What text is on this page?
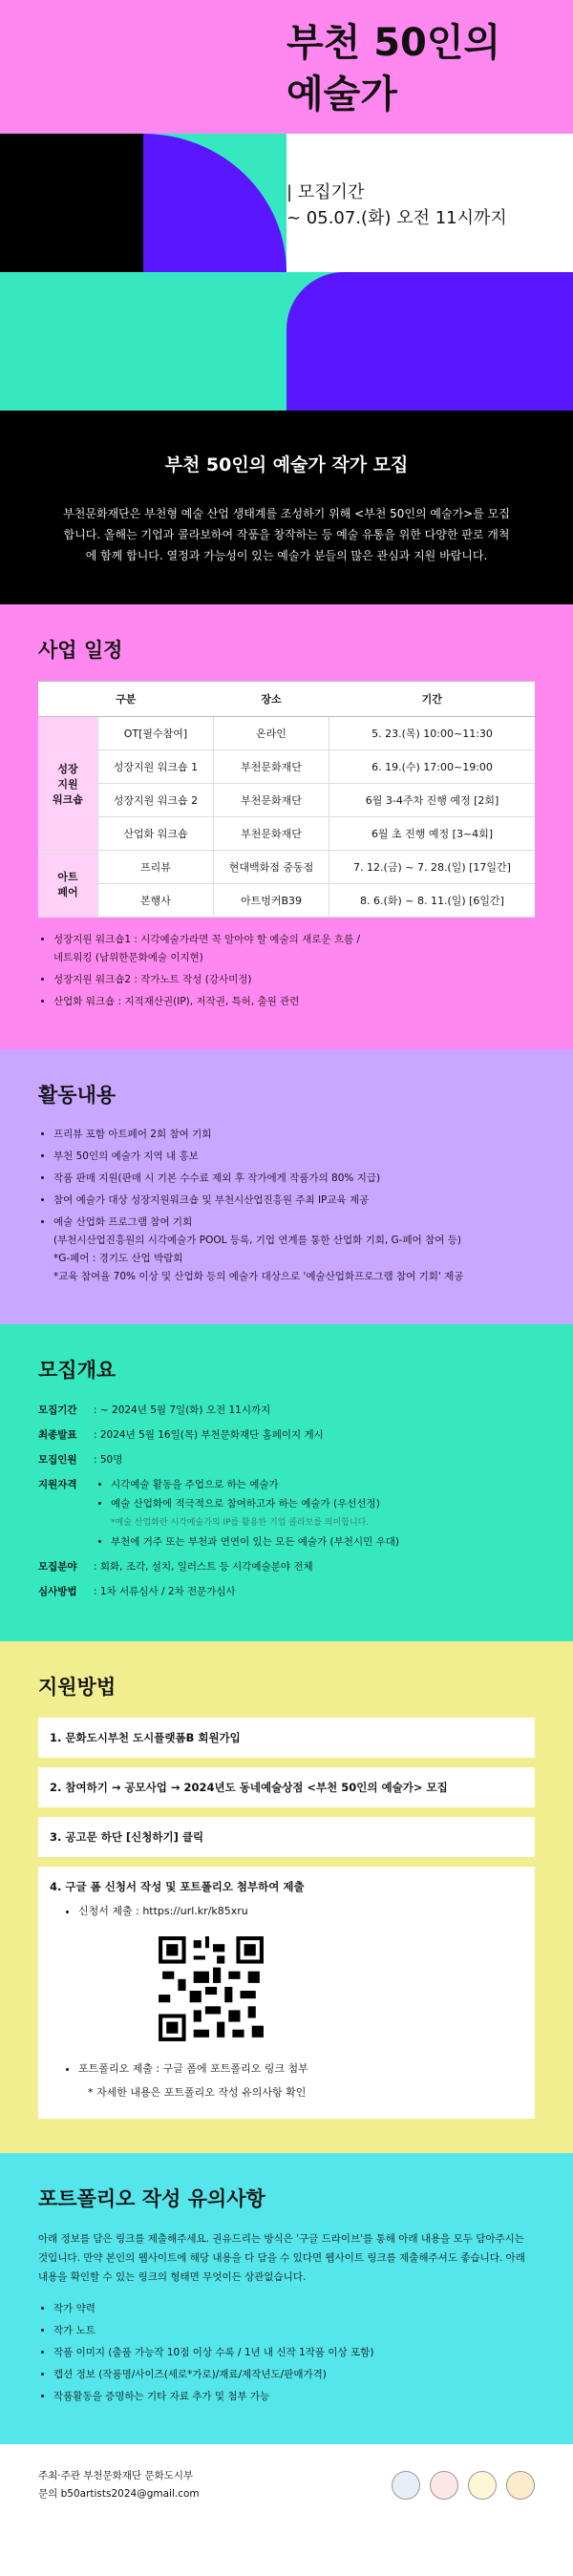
부천 50인의
예술가
| 모집기간
~ 05.07.(화) 오전 11시까지
부천 50인의 예술가 작가 모집

부천문화재단은 부천형 예술 산업 생태계를 조성하기 위해 <부천 50인의 예술가>를 모집합니다. 올해는 기업과 콜라보하여 작품을 창작하는 등 예술 유통을 위한 다양한 판로 개척에 함께 합니다. 열정과 가능성이 있는 예술가 분들의 많은 관심과 지원 바랍니다.

사업 일정
구분		장소	기간
성장
지원
워크숍	OT[필수참여]	온라인	5. 23.(목) 10:00~11:30
	성장지원 워크숍 1	부천문화재단	6. 19.(수) 17:00~19:00
	성장지원 워크숍 2	부천문화재단	6월 3-4주차 진행 예정 [2회]
	산업화 워크숍	부천문화재단	6월 초 진행 예정 [3~4회]
아트
페어	프리뷰	현대백화점 중동점	7. 12.(금) ~ 7. 28.(일) [17일간]
	본행사	아트벙커B39	8. 6.(화) ~ 8. 11.(일) [6일간]
• 성장지원 워크숍1 : 시각예술가라면 꼭 알아야 할 예술의 새로운 흐름 /
네트워킹 (남위한문화예술 이지현)
• 성장지원 워크숍2 : 작가노트 작성 (강사미정)
• 산업화 워크숍 : 지적재산권(IP), 저작권, 특허, 출원 관련
활동내용
• 프리뷰 포함 아트페어 2회 참여 기회
• 부천 50인의 예술가 지역 내 홍보
• 작품 판매 지원(판매 시 기본 수수료 제외 후 작가에게 작품가의 80% 지급)
• 참여 예술가 대상 성장지원워크숍 및 부천시산업진흥원 주최 IP교육 제공
• 예술 산업화 프로그램 참여 기회
(부천시산업진흥원의 시각예술가 POOL 등록, 기업 연계를 통한 산업화 기회, G-페어 참여 등)
*G-페어 : 경기도 산업 박람회
*교육 참여율 70% 이상 및 산업화 등의 예술가 대상으로 '예술산업화프로그램 참여 기회' 제공
모집개요
모집기간	: ~ 2024년 5월 7일(화) 오전 11시까지
최종발표	: 2024년 5월 16일(목) 부천문화재단 홈페이지 게시
모집인원	: 50명
지원자격	• 시각예술 활동을 주업으로 하는 예술가
• 예술 산업화에 적극적으로 참여하고자 하는 예술가 (우선선정)
*예술 산업화란 시각예술가의 IP를 활용한 기업 콜라보를 의미합니다.
• 부천에 거주 또는 부천과 연연이 있는 모든 예술가 (부천시민 우대)
모집분야	: 회화, 조각, 설치, 일러스트 등 시각예술분야 전체
심사방법	: 1차 서류심사 / 2차 전문가심사
지원방법
1. 문화도시부천 도시플랫폼B 회원가입
2. 참여하기 → 공모사업 → 2024년도 동네예술상점 <부천 50인의 예술가> 모집
3. 공고문 하단 [신청하기] 클릭
4. 구글 폼 신청서 작성 및 포트폴리오 첨부하여 제출
• 신청서 제출 : https://url.kr/k85xru
• 포트폴리오 제출 : 구글 폼에 포트폴리오 링크 첨부
* 자세한 내용은 포트폴리오 작성 유의사항 확인
포트폴리오 작성 유의사항

아래 정보를 담은 링크를 제출해주세요. 권유드리는 방식은 '구글 드라이브'를 통해 아래 내용을 모두 담아주시는 것입니다. 만약 본인의 웹사이트에 해당 내용을 다 담을 수 있다면 웹사이트 링크를 제출해주셔도 좋습니다. 아래 내용을 확인할 수 있는 링크의 형태면 무엇이든 상관없습니다.

• 작가 약력
• 작가 노트
• 작품 이미지 (출품 가능작 10점 이상 수록 / 1년 내 신작 1작품 이상 포함)
• 캡션 정보 (작품명/사이즈(세로*가로)/재료/제작년도/판매가격)
• 작품활동을 증명하는 기타 자료 추가 및 첨부 가능
주최·주관 부천문화재단 문화도시부
문의 b50artists2024@gmail.com
